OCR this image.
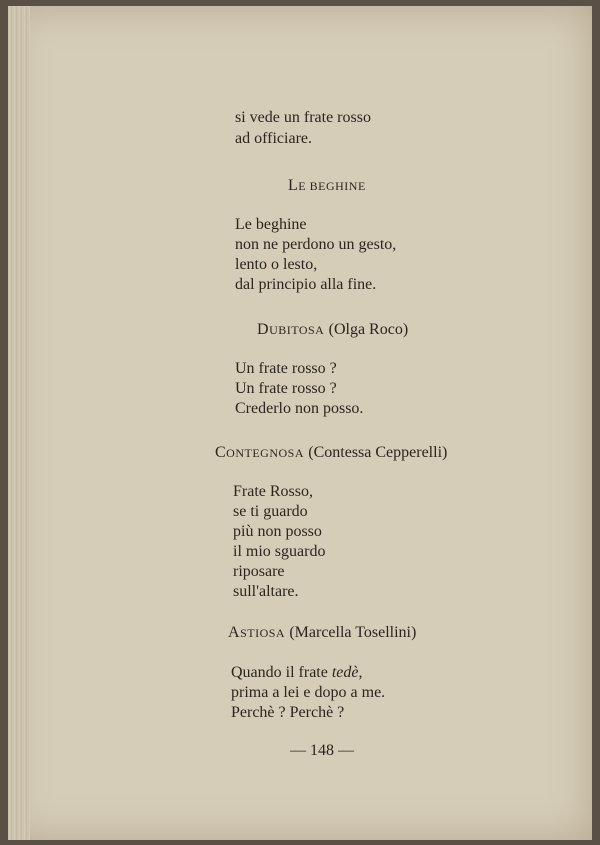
si vede un frate rosso
ad officiare.
LE BEGHINE
Le beghine
non ne perdono un gesto,
lento o lesto,
dal principio alla fine.
DUBITOSA (Olga Roco)
Un frate rosso ?
Un frate rosso ?
Crederlo non posso.
CONTEGNOSA (Contessa Cepperelli)
Frate Rosso,
se ti guardo
più non posso
il mio sguardo
riposare
sull'altare.
ASTIOSA (Marcella Tosellini)
Quando il frate tedè,
prima a lei e dopo a me.
Perchè ? Perchè ?
— 148 —
